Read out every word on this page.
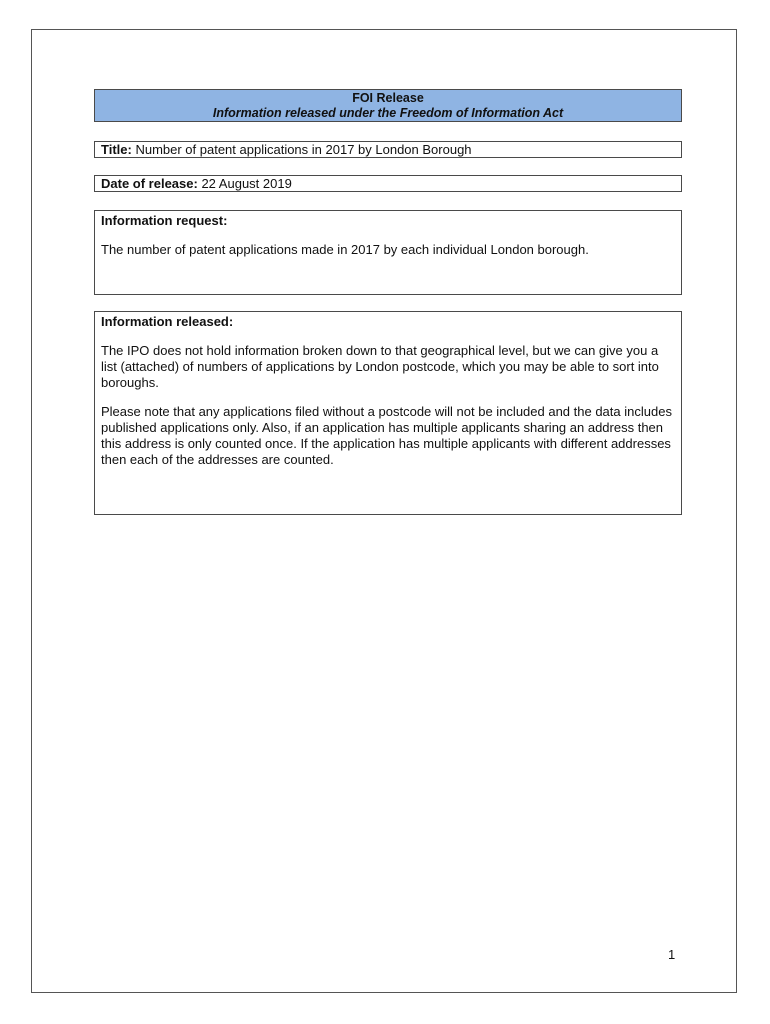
FOI Release
Information released under the Freedom of Information Act
Title: Number of patent applications in 2017 by London Borough
Date of release: 22 August 2019
Information request:
The number of patent applications made in 2017 by each individual London borough.
Information released:
The IPO does not hold information broken down to that geographical level, but we can give you a list (attached) of numbers of applications by London postcode, which you may be able to sort into boroughs.
Please note that any applications filed without a postcode will not be included and the data includes published applications only. Also, if an application has multiple applicants sharing an address then this address is only counted once. If the application has multiple applicants with different addresses then each of the addresses are counted.
1
